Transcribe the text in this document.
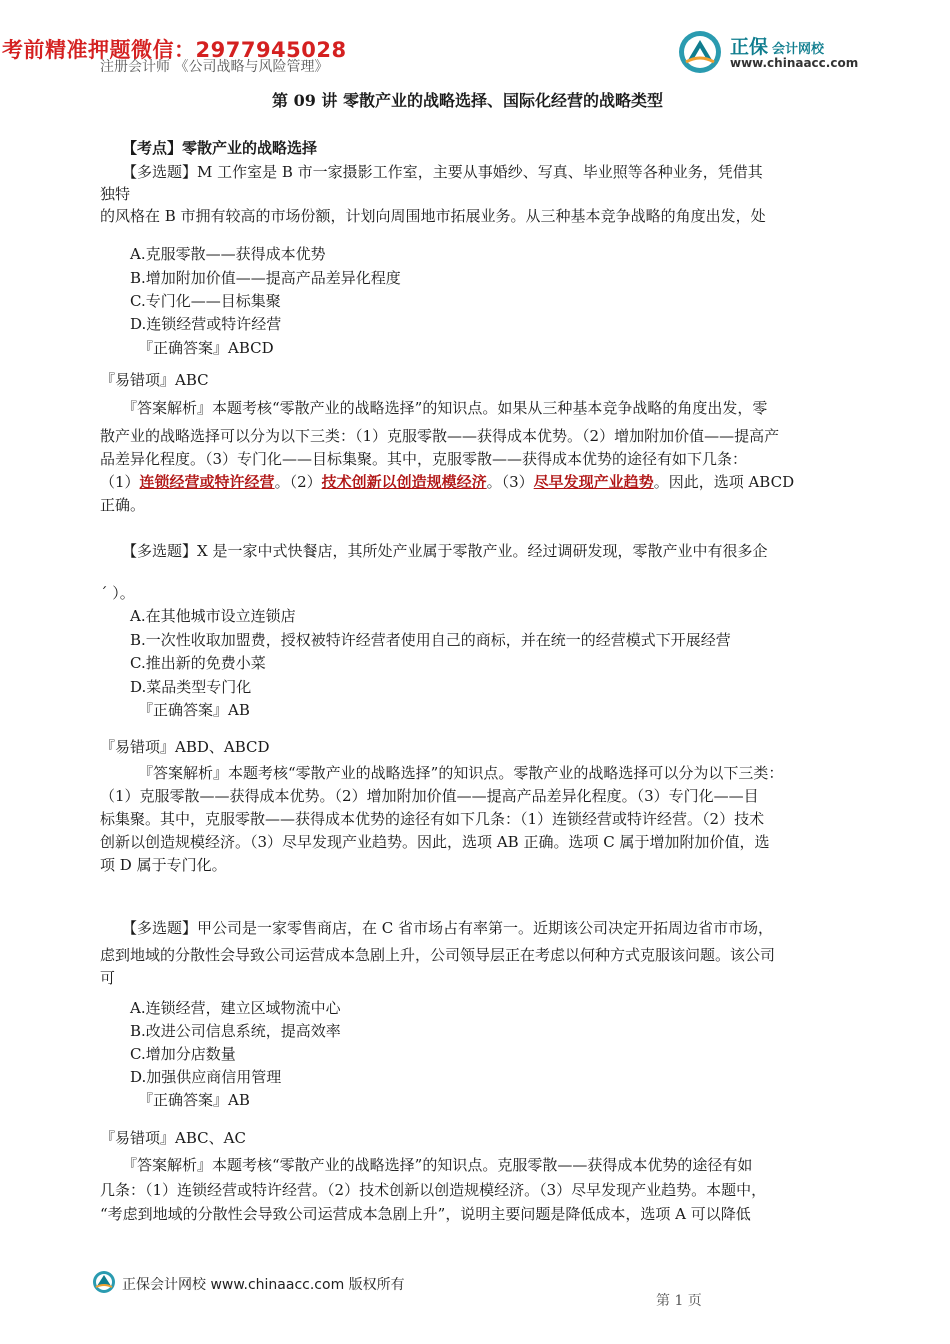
考前精准押题微信：2977945028	正保 会计网校
www.chinaacc.com
注册会计师 《公司战略与风险管理》
第 09 讲 零散产业的战略选择、国际化经营的战略类型
【考点】零散产业的战略选择
【多选题】M 工作室是 B 市一家摄影工作室，主要从事婚纱、写真、毕业照等各种业务，凭借其
独特
的风格在 B 市拥有较高的市场份额，计划向周围地市拓展业务。从三种基本竞争战略的角度出发，处
A.克服零散——获得成本优势
B.增加附加价值——提高产品差异化程度
C.专门化——目标集聚
D.连锁经营或特许经营
『正确答案』ABCD
『易错项』ABC
『答案解析』本题考核“零散产业的战略选择”的知识点。如果从三种基本竞争战略的角度出发，零
散产业的战略选择可以分为以下三类：（1）克服零散——获得成本优势。（2）增加附加价值——提高产
品差异化程度。（3）专门化——目标集聚。其中，克服零散——获得成本优势的途径有如下几条：
（1）连锁经营或特许经营。（2）技术创新以创造规模经济。（3）尽早发现产业趋势。因此，选项 ABCD
正确。
【多选题】X 是一家中式快餐店，其所处产业属于零散产业。经过调研发现，零散产业中有很多企
´ ）。
A.在其他城市设立连锁店
B.一次性收取加盟费，授权被特许经营者使用自己的商标，并在统一的经营模式下开展经营
C.推出新的免费小菜
D.菜品类型专门化
『正确答案』AB
『易错项』ABD、ABCD
『答案解析』本题考核“零散产业的战略选择”的知识点。零散产业的战略选择可以分为以下三类：
（1）克服零散——获得成本优势。（2）增加附加价值——提高产品差异化程度。（3）专门化——目
标集聚。其中，克服零散——获得成本优势的途径有如下几条：（1）连锁经营或特许经营。（2）技术
创新以创造规模经济。（3）尽早发现产业趋势。因此，选项 AB 正确。选项 C 属于增加附加价值，选
项 D 属于专门化。
【多选题】甲公司是一家零售商店，在 C 省市场占有率第一。近期该公司决定开拓周边省市市场，
虑到地域的分散性会导致公司运营成本急剧上升，公司领导层正在考虑以何种方式克服该问题。该公司
可
A.连锁经营，建立区域物流中心
B.改进公司信息系统，提高效率
C.增加分店数量
D.加强供应商信用管理
『正确答案』AB
『易错项』ABC、AC
『答案解析』本题考核“零散产业的战略选择”的知识点。克服零散——获得成本优势的途径有如
几条：（1）连锁经营或特许经营。（2）技术创新以创造规模经济。（3）尽早发现产业趋势。本题中，
“考虑到地域的分散性会导致公司运营成本急剧上升”，说明主要问题是降低成本，选项 A 可以降低
正保会计网校 www.chinaacc.com 版权所有
第 1 页
